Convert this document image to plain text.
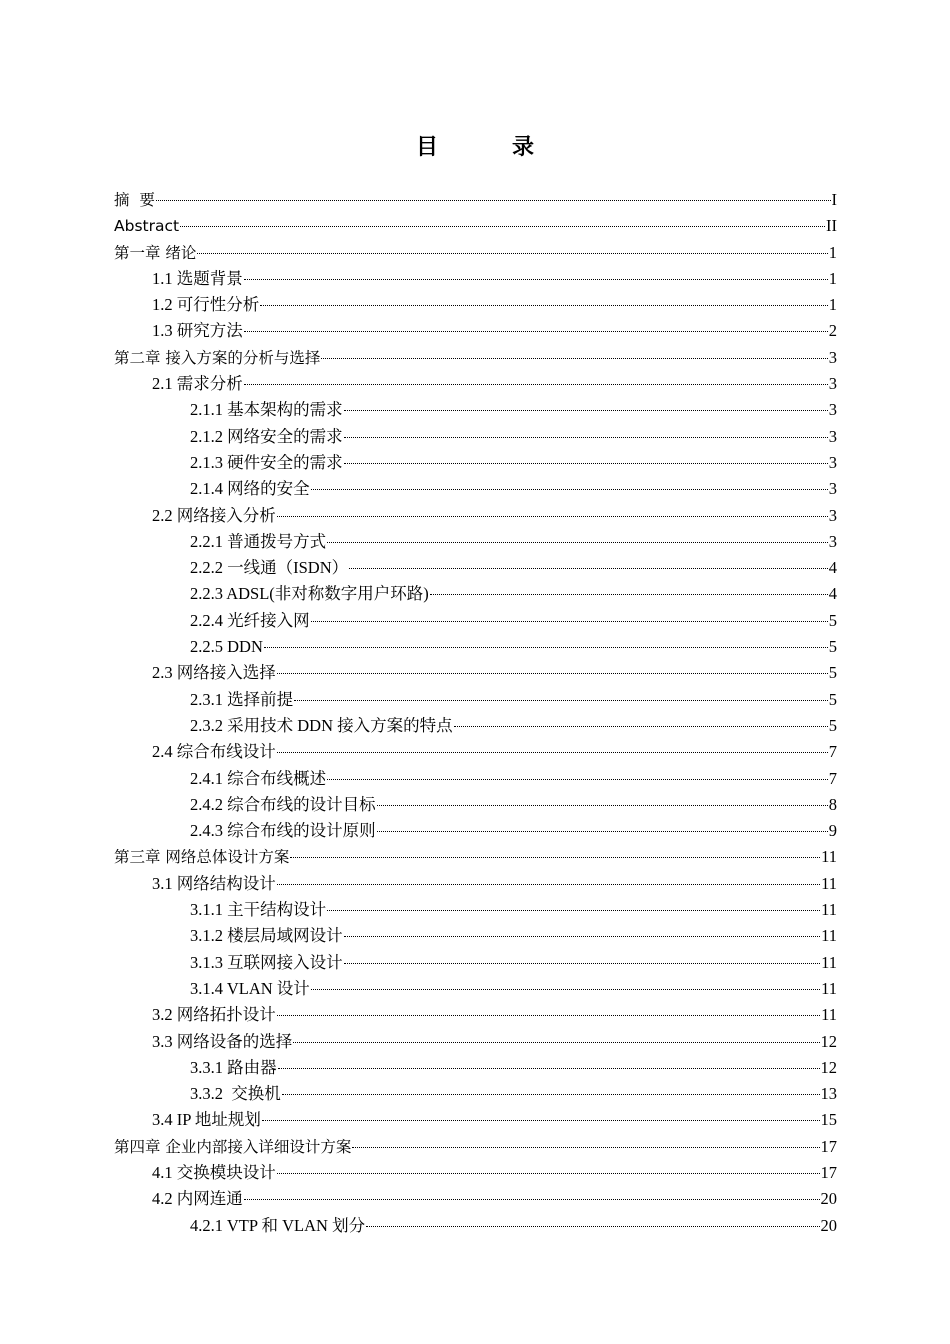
目　录
摘  要	I
Abstract	II
第一章 绪论	1
1.1 选题背景	1
1.2 可行性分析	1
1.3 研究方法	2
第二章 接入方案的分析与选择	3
2.1 需求分析	3
2.1.1 基本架构的需求	3
2.1.2 网络安全的需求	3
2.1.3 硬件安全的需求	3
2.1.4 网络的安全	3
2.2 网络接入分析	3
2.2.1 普通拨号方式	3
2.2.2 一线通（ISDN）	4
2.2.3 ADSL(非对称数字用户环路)	4
2.2.4 光纤接入网	5
2.2.5 DDN	5
2.3 网络接入选择	5
2.3.1 选择前提	5
2.3.2 采用技术 DDN 接入方案的特点	5
2.4 综合布线设计	7
2.4.1 综合布线概述	7
2.4.2 综合布线的设计目标	8
2.4.3 综合布线的设计原则	9
第三章 网络总体设计方案	11
3.1 网络结构设计	11
3.1.1 主干结构设计	11
3.1.2 楼层局域网设计	11
3.1.3 互联网接入设计	11
3.1.4 VLAN 设计	11
3.2 网络拓扑设计	11
3.3 网络设备的选择	12
3.3.1 路由器	12
3.3.2  交换机	13
3.4 IP 地址规划	15
第四章 企业内部接入详细设计方案	17
4.1 交换模块设计	17
4.2 内网连通	20
4.2.1 VTP 和 VLAN 划分	20
